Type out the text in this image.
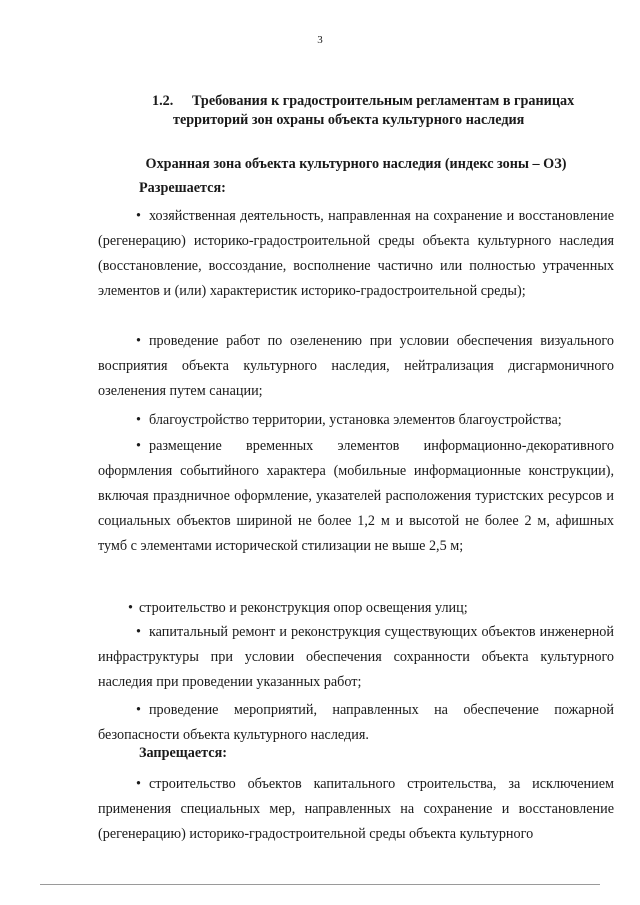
3
1.2. Требования к градостроительным регламентам в границах
территорий зон охраны объекта культурного наследия
Охранная зона объекта культурного наследия (индекс зоны – ОЗ)
Разрешается:
• хозяйственная деятельность, направленная на сохранение и восстановление (регенерацию) историко-градостроительной среды объекта культурного наследия (восстановление, воссоздание, восполнение частично или полностью утраченных элементов и (или) характеристик историко-градостроительной среды);
• проведение работ по озеленению при условии обеспечения визуального восприятия объекта культурного наследия, нейтрализация дисгармоничного озеленения путем санации;
• благоустройство территории, установка элементов благоустройства;
• размещение временных элементов информационно-декоративного оформления событийного характера (мобильные информационные конструкции), включая праздничное оформление, указателей расположения туристских ресурсов и социальных объектов шириной не более 1,2 м и высотой не более 2 м, афишных тумб с элементами исторической стилизации не выше 2,5 м;
• строительство и реконструкция опор освещения улиц;
• капитальный ремонт и реконструкция существующих объектов инженерной инфраструктуры при условии обеспечения сохранности объекта культурного наследия при проведении указанных работ;
• проведение мероприятий, направленных на обеспечение пожарной безопасности объекта культурного наследия.
Запрещается:
• строительство объектов капитального строительства, за исключением применения специальных мер, направленных на сохранение и восстановление (регенерацию) историко-градостроительной среды объекта культурного
